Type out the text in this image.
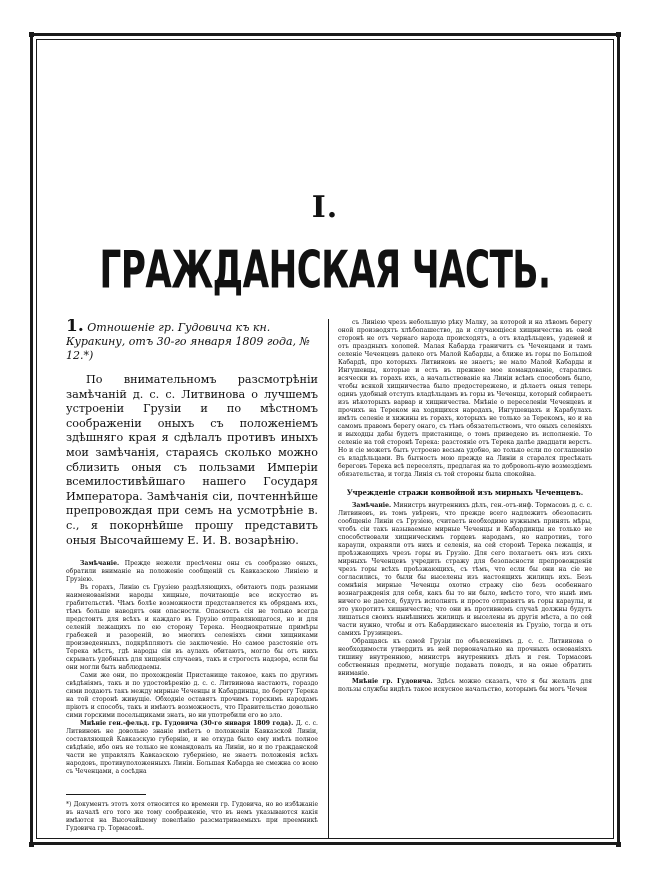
I.
ГРАЖДАНСКАЯ ЧАСТЬ.

1. Отношеніе гр. Гудовича къ кн. Куракину, отъ 30-го января 1809 года, № 12.*)

По внимательномъ разсмотрѣніи замѣчаній д. с. с. Литвинова о лучшемъ устроеніи Грузіи и по мѣстномъ соображеніи оныхъ съ положеніемъ здѣшняго края я сдѣлалъ противъ иныхъ мои замѣчанія, стараясь сколько можно сблизить оныя съ пользами Имперіи всемилостивѣйшаго нашего Государя Императора. Замѣчанія сіи, почтеннѣйше препровождая при семъ на усмотрѣніе в. с., я покорнѣйше прошу представить оныя Высочайшему Е. И. В. возарѣнію.

Замѣчаніе. Прежде нежели пресѣчены оны съ сообразно оныхъ, обратили вниманіе на положеніе сообщеній съ Кавказскою Линіею и Грузіею.

Въ горахъ, Линію съ Грузіею раздѣляющихъ, обитаютъ подъ разными наименованіями народы хищные, почитающіе все искусство въ грабительствѣ. Чѣмъ болѣе возможности представляется къ обрядамъ ихъ, тѣмъ больше наводятъ они опасности. Опасность сія не только всегда предстоитъ для всѣхъ и каждаго въ Грузію отправляющагося, но и для селеній лежащихъ по ею сторону Терека. Неоднократные примѣры грабежей и разореній, во многихъ селеніяхъ сими хищниками произведенныхъ, подкрѣпляютъ сіе заключеніе. Но самое разстояніе отъ Терека мѣстъ, гдѣ народы сіи въ аулахъ обитаютъ, могло бы отъ нихъ скрывать удобныхъ для хищенія случаевъ, такъ и строгость надзора, если бы они могли быть наблюдаемы.

Сами же они, по прохожденіи Пристанище таковое, какъ по другимъ свѣдѣніямъ, такъ и по удостовѣренію д. с. с. Литвинова настаютъ, гораздо сими подаютъ такъ между мирные Чеченцы и Кабардинцы, по берегу Терека на той сторонѣ живущіе. Обходніе оставятъ прочимъ горскимъ народамъ пріютъ и способъ, такъ и имѣютъ возможность, что Правительство довольно сими горскими посельщиками знать, но ни употребили его во зло.

Мнѣніе ген.-фельд. гр. Гудовича (30-го января 1809 года). Д. с. с. Литвиновъ не довольно знаніе имѣетъ о положеніи Кавказской Линіи, составляющей Кавказскую губернію, и не откуда было ему имѣть полное свѣдѣніе, ибо онъ не только не командовалъ на Линіи, но и по гражданской части не управлялъ Кавказскою губерніею, не знаетъ положенія всѣхъ народовъ, противуположенныхъ Линіи. Большая Кабарда не смежна со всею съ Чеченцами, а сосѣдна

*) Документъ этотъ хотя относится ко времени гр. Гудовича, но во избѣжаніе въ началѣ его того же тому соображеніе, что въ немъ указываются какія имѣются на Высочайшему повелѣнію разсматриваемыхъ при преемникѣ Гудовича гр. Тормасовѣ.

съ Линіею чрезъ небольшую рѣку Малку, за которой и на лѣвомъ берегу оной производятъ хлѣбопашество, да и случающіеся хищничества въ оной сторонѣ не отъ чернаго народа происходятъ, а отъ владѣльцевъ, узденей и отъ праздныхъ холопей. Малая Кабарда граничитъ съ Чеченцами и тамъ селеніе Чеченцевъ далеко отъ Малой Кабарды, а ближе въ горы по Большой Кабардѣ, про которыхъ Литвиновъ не знаетъ; не мало Малой Кабарды и Ингушевцы, которые и есть въ прежнее мое командованіе, старались всячески въ горахъ ихъ, а начальствованіе на Линіи всѣмъ способомъ было, чтобы всякой хищничества было предостережено, и дѣлаетъ оныя теперь одинъ удобный отступъ владѣльцамъ въ горы въ Чеченцы, который собираетъ изъ нѣкоторыхъ варвар и хищничества. Мнѣніе о переселеніи Чеченцевъ и прочихъ на Тереком на ходящихся народахъ, Ингушевцахъ и Карабулахъ имѣть селеніе и хижины въ горахъ, которыхъ не только за Терекомъ, но и на самомъ правомъ берегу онаго, съ тѣмъ обязательствомъ, что оныхъ селеніяхъ и выходцы дабы будетъ пристанище, о томъ приведено въ исполненіе. То селеніе на той сторонѣ Терека: разстояніе отъ Терека далѣе двадцати верстъ. Но и сіе можетъ быть устроено весьма удобно, но только если по соглашенію съ владѣльцами. Въ бытность мою прежде на Линіи я старался пресѣкать береговъ Терека всѣ переселять, предлагая на то доброволь-ную возмездіемъ обязательства, и тогда Линія съ той стороны была спокойна.

Учрежденіе стражи конвойной изъ мирныхъ Чеченцевъ.

Замѣчаніе. Министръ внутреннихъ дѣлъ, ген.-отъ-инф. Тормасовъ д. с. с. Литвиновъ, въ томъ увѣренъ, что прежде всего надлежитъ обезопасить сообщеніе Линіи съ Грузіею, считаетъ необходимо нужнымъ принять мѣры, чтобъ сіи такъ называемые мирные Чеченцы и Кабардинцы не только не способствовали хищническимъ горцевъ народамъ, но напротивъ, того караули, охраняли отъ нихъ и селенія, на сей сторонѣ Терека лежащія, и проѣзжающихъ чрезъ горы въ Грузію. Для сего полагаетъ онъ изъ сихъ мирныхъ Чеченцевъ учредить стражу для безопасности препровожденія чрезъ горы всѣхъ проѣзжающихъ, съ тѣмъ, что если бы они на сіе не согласились, то были бы выселены изъ настоящихъ жилищъ ихъ. Безъ сомнѣнія мирные Чеченцы охотно стражу сію безъ особеннаго вознагражденія для себя, какъ бы то ни было, вмѣсто того, что нынѣ имъ ничего не дается, будутъ исполнять и просто отправятъ въ горы караулы, и это укоротитъ хищничества; что они въ противномъ случаѣ должны будутъ лишаться своихъ нынѣшнихъ жилищъ и выселены въ другія мѣста, а по сей части нужно, чтобы и отъ Кабардинскаго выселенія въ Грузію, тогда и отъ самихъ Грузинцевъ.

Обращаясь къ самой Грузіи по объясненіямъ д. с. с. Литвинова о необходимости утвердить въ ней первоначально на прочныхъ основаніяхъ тишину внутреннюю, министръ внутреннихъ дѣлъ и ген. Тормасовъ собственныя предметы, могущіе подавать поводъ, и на оные обратить вниманіе.

Мнѣніе гр. Гудовича. Здѣсь можно сказать, что я бы желалъ для пользы службы видѣть такое искусное начальство, которымъ бы могъ Чечен
